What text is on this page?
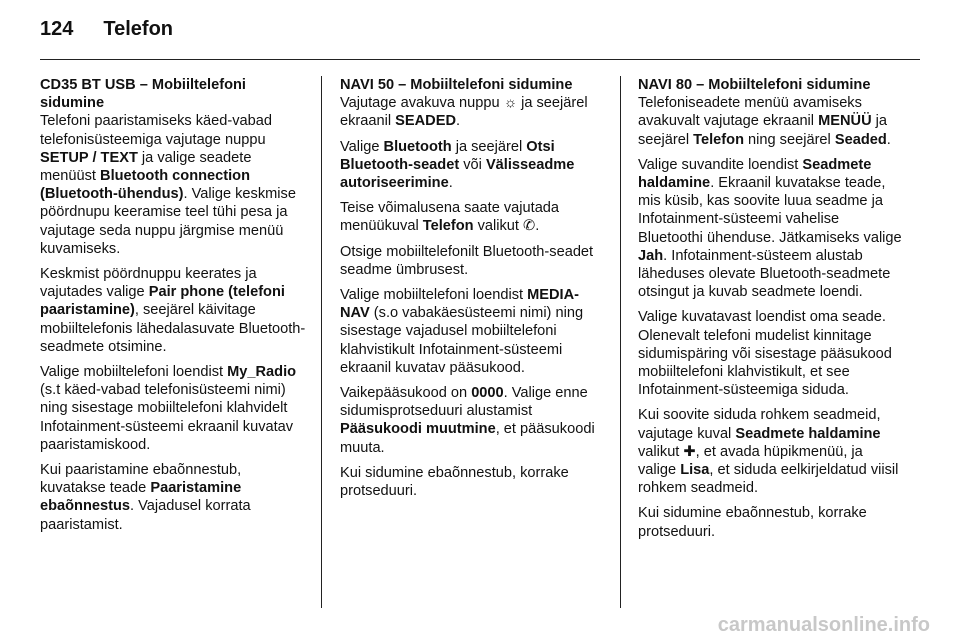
124 Telefon
CD35 BT USB – Mobiiltelefoni sidumine

Telefoni paaristamiseks käed-vabad telefonisüsteemiga vajutage nuppu SETUP / TEXT ja valige seadete menüüst Bluetooth connection (Bluetooth-ühendus). Valige keskmise pöördnupu keeramise teel tühi pesa ja vajutage seda nuppu järgmise menüü kuvamiseks.

Keskmist pöördnuppu keerates ja vajutades valige Pair phone (telefoni paaristamine), seejärel käivitage mobiiltelefonis lähedalasuvate Bluetooth-seadmete otsimine.

Valige mobiiltelefoni loendist My_Radio (s.t käed-vabad telefonisüsteemi nimi) ning sisestage mobiiltelefoni klahvidelt Infotainment-süsteemi ekraanil kuvatav paaristamiskood.

Kui paaristamine ebaõnnestub, kuvatakse teade Paaristamine ebaõnnestus. Vajadusel korrata paaristamist.

NAVI 50 – Mobiiltelefoni sidumine

Vajutage avakuva nuppu ☼ ja seejärel ekraanil SEADED.

Valige Bluetooth ja seejärel Otsi Bluetooth-seadet või Välisseadme autoriseerimine.

Teise võimalusena saate vajutada menüükuval Telefon valikut ✆.

Otsige mobiiltelefonilt Bluetooth-seadet seadme ümbrusest.

Valige mobiiltelefoni loendist MEDIA-NAV (s.o vabakäesüsteemi nimi) ning sisestage vajadusel mobiiltelefoni klahvistikult Infotainment-süsteemi ekraanil kuvatav pääsukood.

Vaikepääsukood on 0000. Valige enne sidumisprotseduuri alustamist Pääsukoodi muutmine, et pääsukoodi muuta.

Kui sidumine ebaõnnestub, korrake protseduuri.

NAVI 80 – Mobiiltelefoni sidumine

Telefoniseadete menüü avamiseks avakuvalt vajutage ekraanil MENÜÜ ja seejärel Telefon ning seejärel Seaded.

Valige suvandite loendist Seadmete haldamine. Ekraanil kuvatakse teade, mis küsib, kas soovite luua seadme ja Infotainment-süsteemi vahelise Bluetoothi ühenduse. Jätkamiseks valige Jah. Infotainment-süsteem alustab läheduses olevate Bluetooth-seadmete otsingut ja kuvab seadmete loendi.

Valige kuvatavast loendist oma seade. Olenevalt telefoni mudelist kinnitage sidumispäring või sisestage pääsukood mobiiltelefoni klahvistikult, et see Infotainment-süsteemiga siduda.

Kui soovite siduda rohkem seadmeid, vajutage kuval Seadmete haldamine valikut ✚, et avada hüpikmenüü, ja valige Lisa, et siduda eelkirjeldatud viisil rohkem seadmeid.

Kui sidumine ebaõnnestub, korrake protseduuri.

carmanualsonline.info
